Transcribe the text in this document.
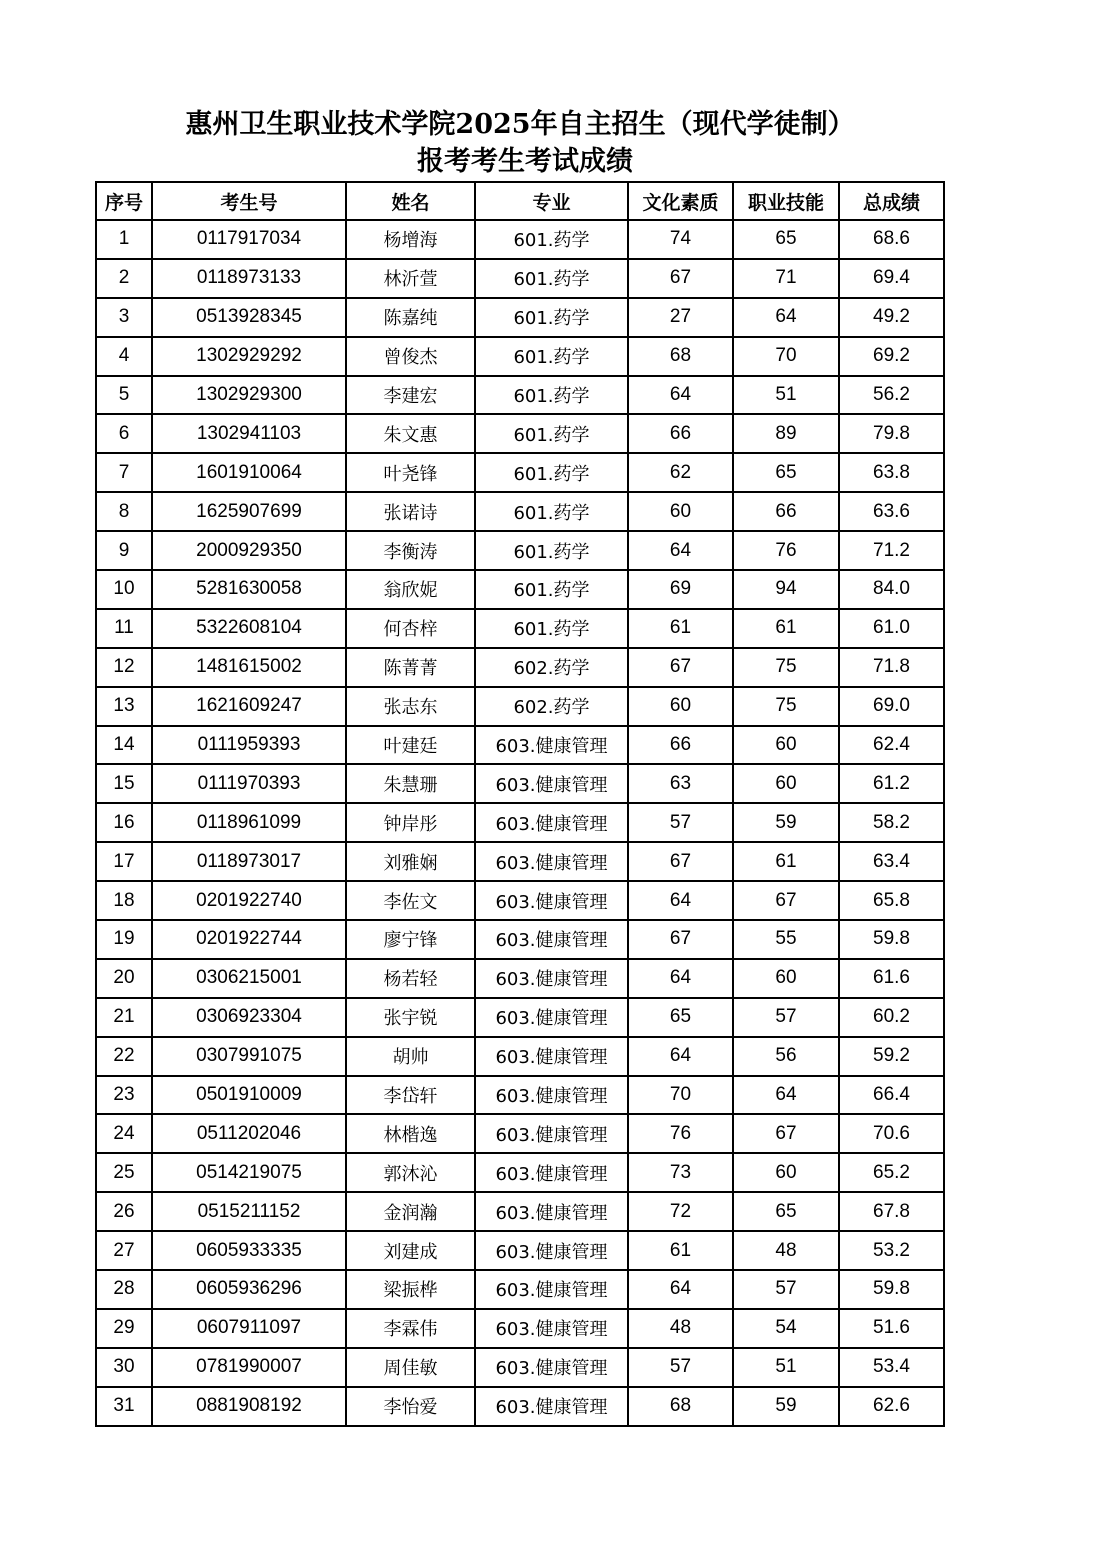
惠州卫生职业技术学院2025年自主招生（现代学徒制）
报考考生考试成绩
序号	考生号	姓名	专业	文化素质	职业技能	总成绩
1	0117917034	杨增海	601.药学	74	65	68.6
2	0118973133	林沂萱	601.药学	67	71	69.4
3	0513928345	陈嘉纯	601.药学	27	64	49.2
4	1302929292	曾俊杰	601.药学	68	70	69.2
5	1302929300	李建宏	601.药学	64	51	56.2
6	1302941103	朱文惠	601.药学	66	89	79.8
7	1601910064	叶尧锋	601.药学	62	65	63.8
8	1625907699	张诺诗	601.药学	60	66	63.6
9	2000929350	李衡涛	601.药学	64	76	71.2
10	5281630058	翁欣妮	601.药学	69	94	84.0
11	5322608104	何杏梓	601.药学	61	61	61.0
12	1481615002	陈菁菁	602.药学	67	75	71.8
13	1621609247	张志东	602.药学	60	75	69.0
14	0111959393	叶建廷	603.健康管理	66	60	62.4
15	0111970393	朱慧珊	603.健康管理	63	60	61.2
16	0118961099	钟岸彤	603.健康管理	57	59	58.2
17	0118973017	刘雅娴	603.健康管理	67	61	63.4
18	0201922740	李佐文	603.健康管理	64	67	65.8
19	0201922744	廖宁锋	603.健康管理	67	55	59.8
20	0306215001	杨若轻	603.健康管理	64	60	61.6
21	0306923304	张宇锐	603.健康管理	65	57	60.2
22	0307991075	胡帅	603.健康管理	64	56	59.2
23	0501910009	李岱轩	603.健康管理	70	64	66.4
24	0511202046	林楷逸	603.健康管理	76	67	70.6
25	0514219075	郭沐沁	603.健康管理	73	60	65.2
26	0515211152	金润瀚	603.健康管理	72	65	67.8
27	0605933335	刘建成	603.健康管理	61	48	53.2
28	0605936296	梁振桦	603.健康管理	64	57	59.8
29	0607911097	李霖伟	603.健康管理	48	54	51.6
30	0781990007	周佳敏	603.健康管理	57	51	53.4
31	0881908192	李怡爱	603.健康管理	68	59	62.6
